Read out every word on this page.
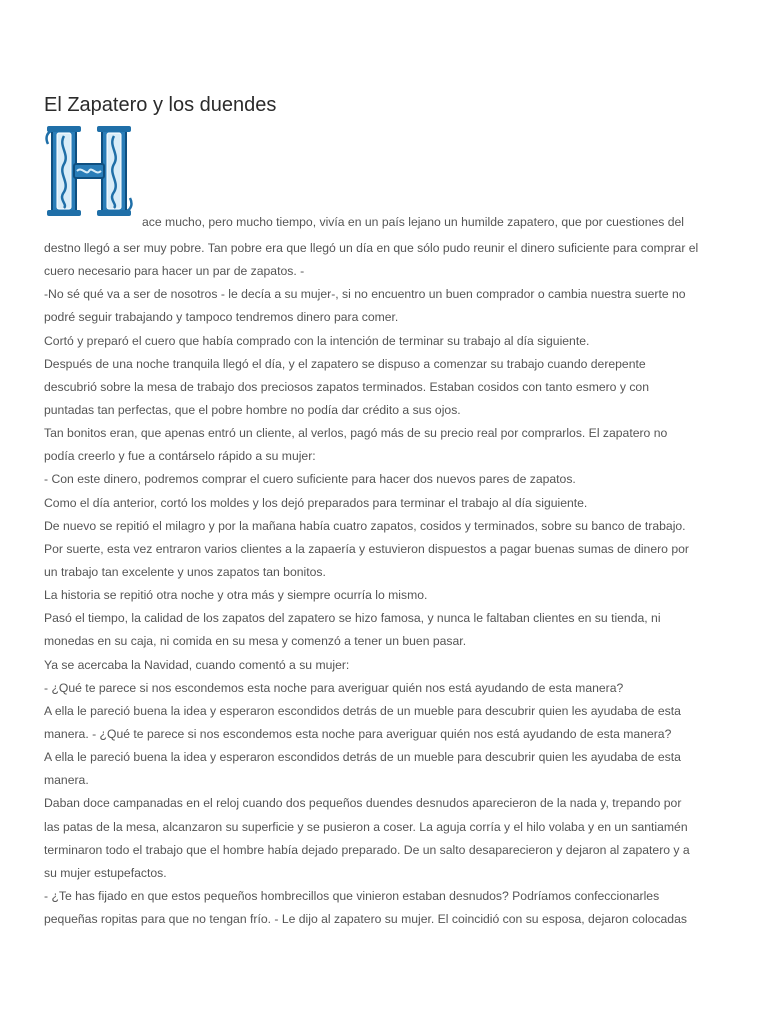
El Zapatero y los duendes

ace mucho, pero mucho tiempo, vivía en un país lejano un humilde zapatero, que por cuestiones del

destno llegó a ser muy pobre. Tan pobre era que llegó un día en que sólo pudo reunir el dinero suficiente para comprar el
cuero necesario para hacer un par de zapatos. -
-No sé qué va a ser de nosotros - le decía a su mujer-, si no encuentro un buen comprador o cambia nuestra suerte no
podré seguir trabajando y tampoco tendremos dinero para comer.
Cortó y preparó el cuero que había comprado con la intención de terminar su trabajo al día siguiente.
Después de una noche tranquila llegó el día, y el zapatero se dispuso a comenzar su trabajo cuando derepente
descubrió sobre la mesa de trabajo dos preciosos zapatos terminados. Estaban cosidos con tanto esmero y con
puntadas tan perfectas, que el pobre hombre no podía dar crédito a sus ojos.
Tan bonitos eran, que apenas entró un cliente, al verlos, pagó más de su precio real por comprarlos. El zapatero no
podía creerlo y fue a contárselo rápido a su mujer:
- Con este dinero, podremos comprar el cuero suficiente para hacer dos nuevos pares de zapatos.
Como el día anterior, cortó los moldes y los dejó preparados para terminar el trabajo al día siguiente.
De nuevo se repitió el milagro y por la mañana había cuatro zapatos, cosidos y terminados, sobre su banco de trabajo.
Por suerte, esta vez entraron varios clientes a la zapaería y estuvieron dispuestos a pagar buenas sumas de dinero por
un trabajo tan excelente y unos zapatos tan bonitos.
La historia se repitió otra noche y otra más y siempre ocurría lo mismo.
Pasó el tiempo, la calidad de los zapatos del zapatero se hizo famosa, y nunca le faltaban clientes en su tienda, ni
monedas en su caja, ni comida en su mesa y comenzó a tener un buen pasar.
Ya se acercaba la Navidad, cuando comentó a su mujer:
- ¿Qué te parece si nos escondemos esta noche para averiguar quién nos está ayudando de esta manera?
A ella le pareció buena la idea y esperaron escondidos detrás de un mueble para descubrir quien les ayudaba de esta
manera. - ¿Qué te parece si nos escondemos esta noche para averiguar quién nos está ayudando de esta manera?
A ella le pareció buena la idea y esperaron escondidos detrás de un mueble para descubrir quien les ayudaba de esta
manera.
Daban doce campanadas en el reloj cuando dos pequeños duendes desnudos aparecieron de la nada y, trepando por
las patas de la mesa, alcanzaron su superficie y se pusieron a coser. La aguja corría y el hilo volaba y en un santiamén
terminaron todo el trabajo que el hombre había dejado preparado. De un salto desaparecieron y dejaron al zapatero y a
su mujer estupefactos.
- ¿Te has fijado en que estos pequeños hombrecillos que vinieron estaban desnudos? Podríamos confeccionarles
pequeñas ropitas para que no tengan frío. - Le dijo al zapatero su mujer. El coincidió con su esposa, dejaron colocadas
